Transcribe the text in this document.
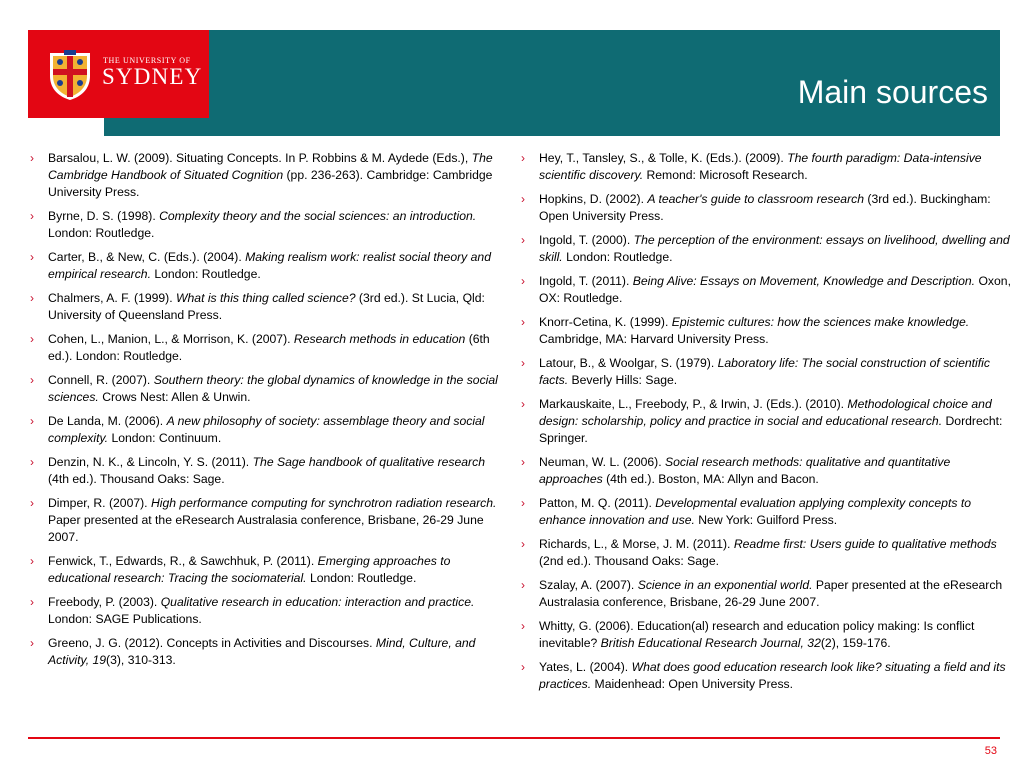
THE UNIVERSITY OF
SYDNEY	Main sources
› Barsalou, L. W. (2009). Situating Concepts. In P. Robbins & M. Aydede (Eds.), The Cambridge Handbook of Situated Cognition (pp. 236-263). Cambridge: Cambridge University Press.
› Byrne, D. S. (1998). Complexity theory and the social sciences: an introduction. London: Routledge.
› Carter, B., & New, C. (Eds.). (2004). Making realism work: realist social theory and empirical research. London: Routledge.
› Chalmers, A. F. (1999). What is this thing called science? (3rd ed.). St Lucia, Qld: University of Queensland Press.
› Cohen, L., Manion, L., & Morrison, K. (2007). Research methods in education (6th ed.). London: Routledge.
› Connell, R. (2007). Southern theory: the global dynamics of knowledge in the social sciences. Crows Nest: Allen & Unwin.
› De Landa, M. (2006). A new philosophy of society: assemblage theory and social complexity. London: Continuum.
› Denzin, N. K., & Lincoln, Y. S. (2011). The Sage handbook of qualitative research (4th ed.). Thousand Oaks: Sage.
› Dimper, R. (2007). High performance computing for synchrotron radiation research. Paper presented at the eResearch Australasia conference, Brisbane, 26-29 June 2007.
› Fenwick, T., Edwards, R., & Sawchhuk, P. (2011). Emerging approaches to educational research: Tracing the sociomaterial. London: Routledge.
› Freebody, P. (2003). Qualitative research in education: interaction and practice. London: SAGE Publications.
› Greeno, J. G. (2012). Concepts in Activities and Discourses. Mind, Culture, and Activity, 19(3), 310-313.
› Hey, T., Tansley, S., & Tolle, K. (Eds.). (2009). The fourth paradigm: Data-intensive scientific discovery. Remond: Microsoft Research.
› Hopkins, D. (2002). A teacher's guide to classroom research (3rd ed.). Buckingham: Open University Press.
› Ingold, T. (2000). The perception of the environment: essays on livelihood, dwelling and skill. London: Routledge.
› Ingold, T. (2011). Being Alive: Essays on Movement, Knowledge and Description. Oxon, OX: Routledge.
› Knorr-Cetina, K. (1999). Epistemic cultures: how the sciences make knowledge. Cambridge, MA: Harvard University Press.
› Latour, B., & Woolgar, S. (1979). Laboratory life: The social construction of scientific facts. Beverly Hills: Sage.
› Markauskaite, L., Freebody, P., & Irwin, J. (Eds.). (2010). Methodological choice and design: scholarship, policy and practice in social and educational research. Dordrecht: Springer.
› Neuman, W. L. (2006). Social research methods: qualitative and quantitative approaches (4th ed.). Boston, MA: Allyn and Bacon.
› Patton, M. Q. (2011). Developmental evaluation applying complexity concepts to enhance innovation and use. New York: Guilford Press.
› Richards, L., & Morse, J. M. (2011). Readme first: Users guide to qualitative methods (2nd ed.). Thousand Oaks: Sage.
› Szalay, A. (2007). Science in an exponential world. Paper presented at the eResearch Australasia conference, Brisbane, 26-29 June 2007.
› Whitty, G. (2006). Education(al) research and education policy making: Is conflict inevitable? British Educational Research Journal, 32(2), 159-176.
› Yates, L. (2004). What does good education research look like? situating a field and its practices. Maidenhead: Open University Press.
53
